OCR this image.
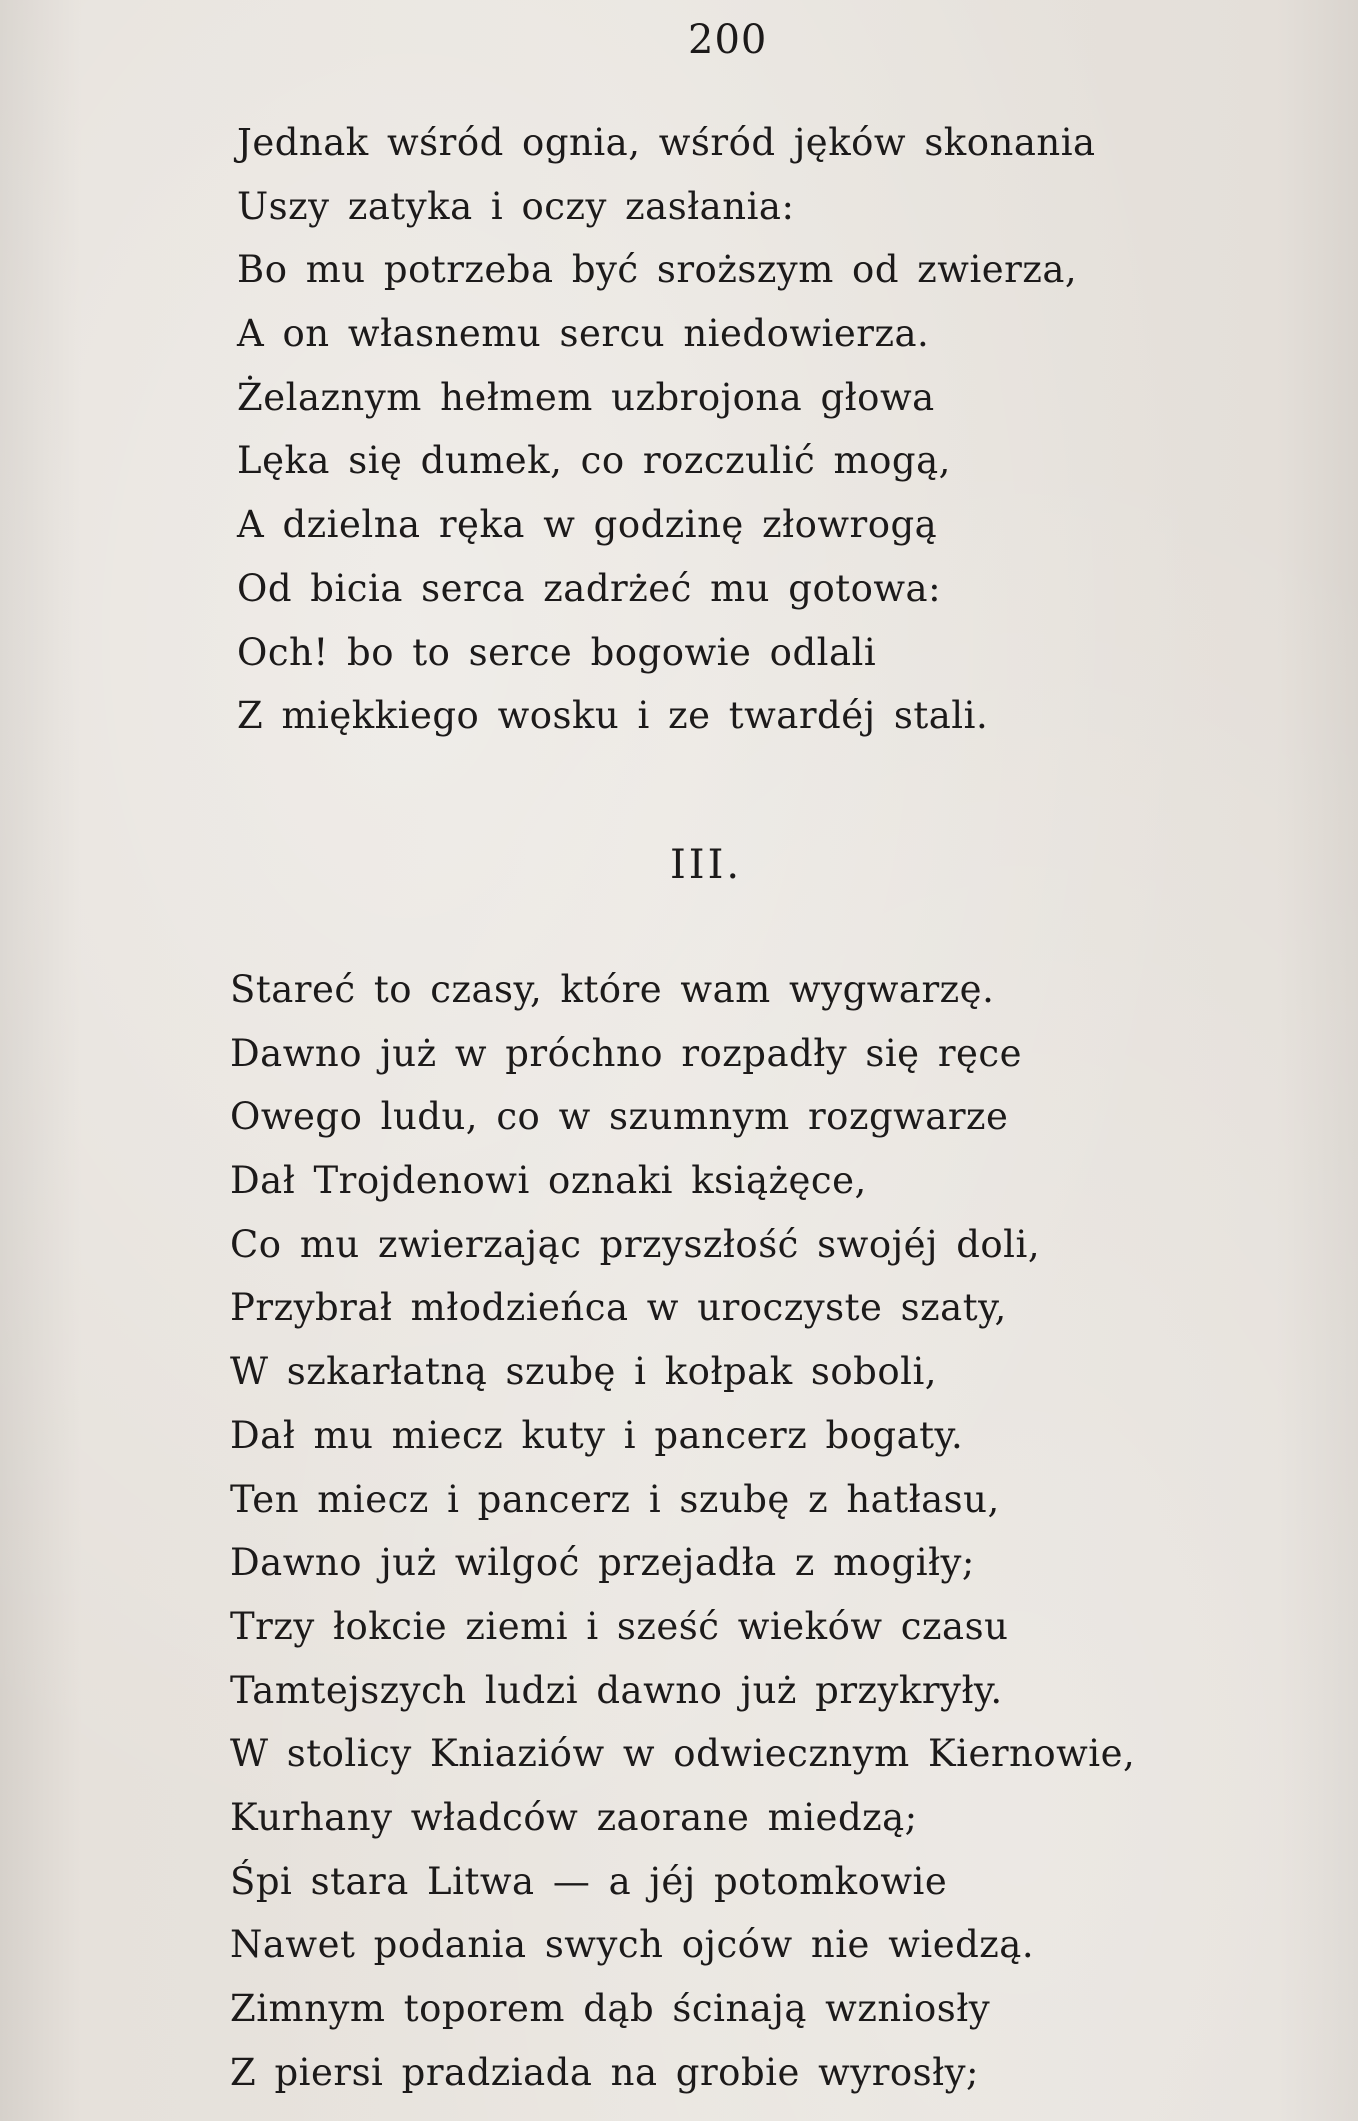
200
Jednak wśród ognia, wśród jęków skonania
Uszy zatyka i oczy zasłania:
Bo mu potrzeba być sroższym od zwierza,
A on własnemu sercu niedowierza.
Żelaznym hełmem uzbrojona głowa
Lęka się dumek, co rozczulić mogą,
A dzielna ręka w godzinę złowrogą
Od bicia serca zadrżeć mu gotowa:
Och! bo to serce bogowie odlali
Z miękkiego wosku i ze twardéj stali.
III.
Stareć to czasy, które wam wygwarzę.
Dawno już w próchno rozpadły się ręce
Owego ludu, co w szumnym rozgwarze
Dał Trojdenowi oznaki książęce,
Co mu zwierzając przyszłość swojéj doli,
Przybrał młodzieńca w uroczyste szaty,
W szkarłatną szubę i kołpak soboli,
Dał mu miecz kuty i pancerz bogaty.
Ten miecz i pancerz i szubę z hatłasu,
Dawno już wilgoć przejadła z mogiły;
Trzy łokcie ziemi i sześć wieków czasu
Tamtejszych ludzi dawno już przykryły.
W stolicy Kniaziów w odwiecznym Kiernowie,
Kurhany władców zaorane miedzą;
Śpi stara Litwa — a jéj potomkowie
Nawet podania swych ojców nie wiedzą.
Zimnym toporem dąb ścinają wzniosły
Z piersi pradziada na grobie wyrosły;
